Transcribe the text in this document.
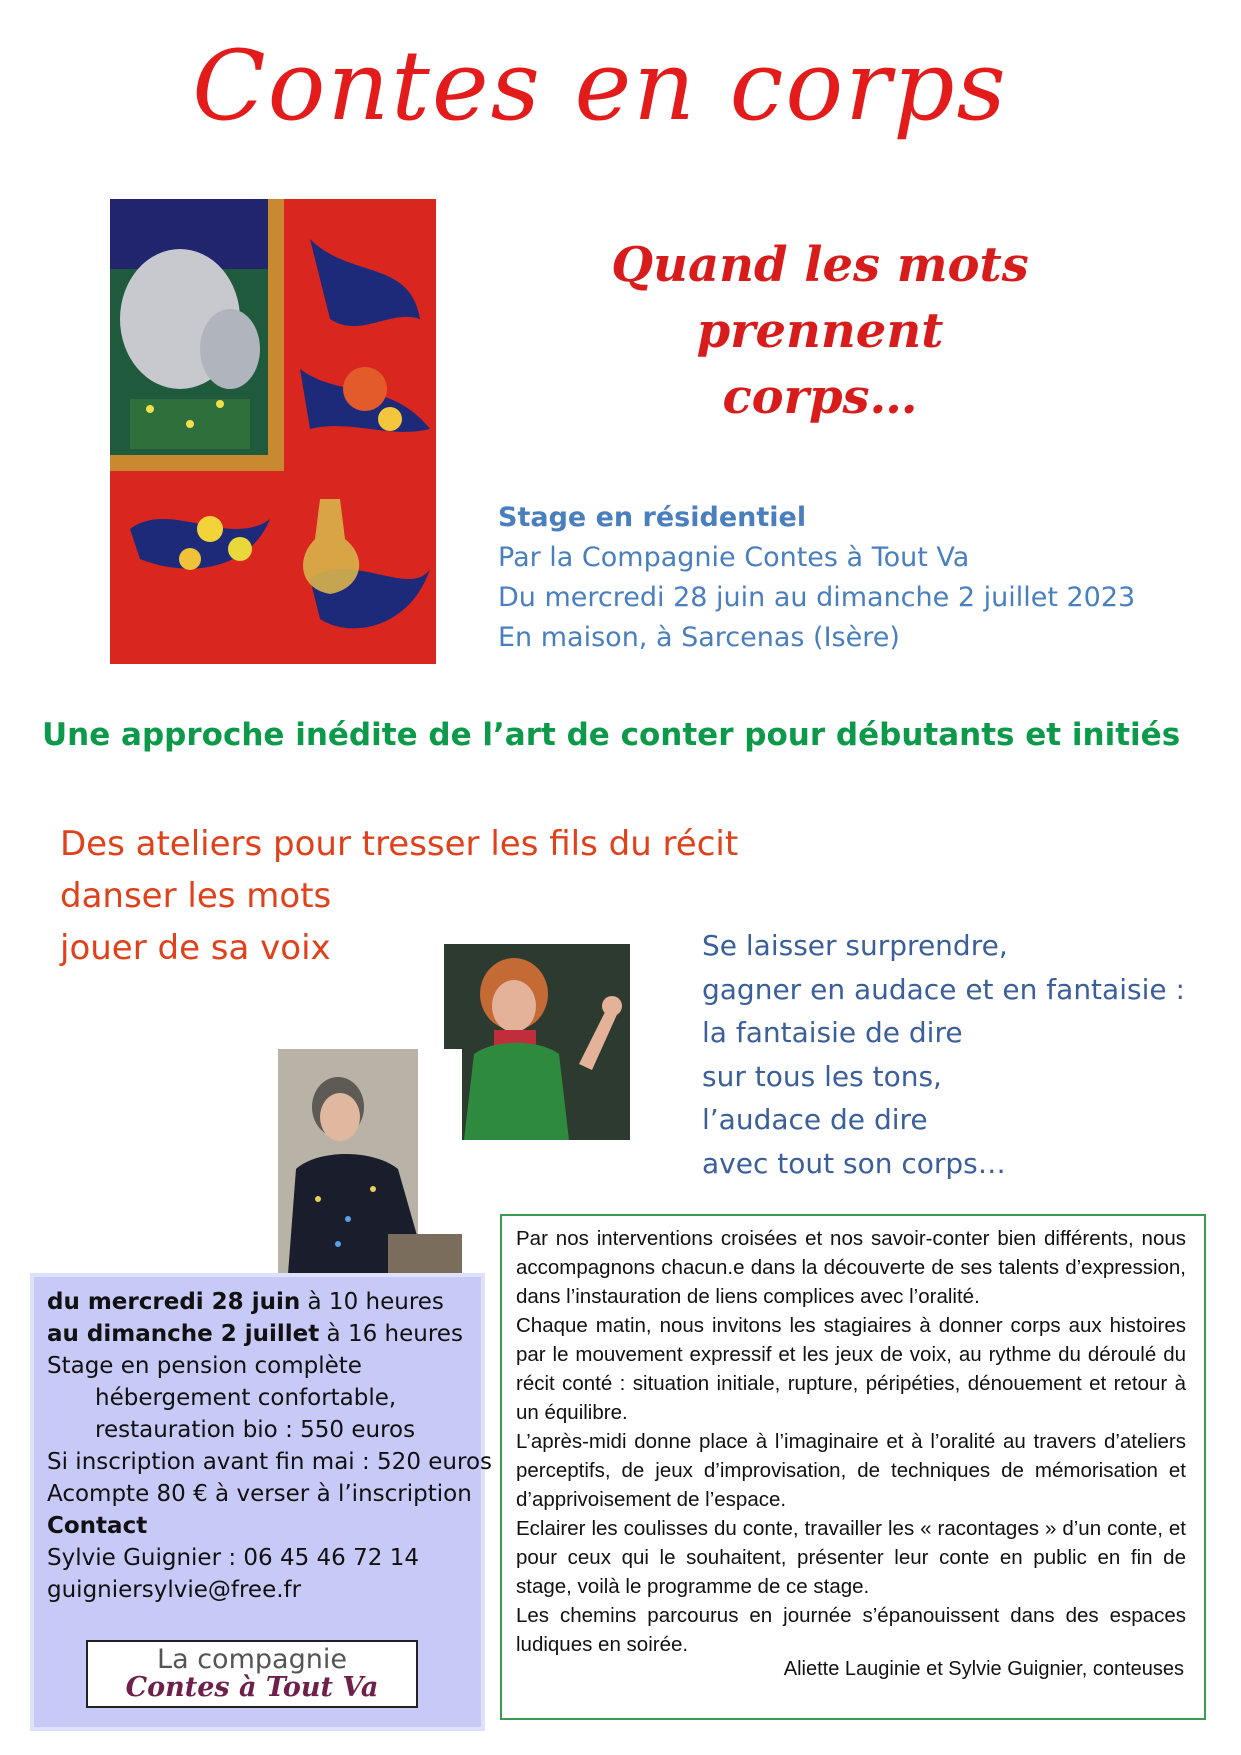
Contes en corps
Quand les mots
prennent
corps…
Stage en résidentiel
Par la Compagnie Contes à Tout Va
Du mercredi 28 juin au dimanche 2 juillet 2023
En maison, à Sarcenas (Isère)
Une approche inédite de l’art de conter pour débutants et initiés
Des ateliers pour tresser les fils du récit
danser les mots
jouer de sa voix	Se laisser surprendre,
gagner en audace et en fantaisie :
la fantaisie de dire
sur tous les tons,
l’audace de dire
avec tout son corps…
du mercredi 28 juin à 10 heures
au dimanche 2 juillet à 16 heures
Stage en pension complète
hébergement confortable,
restauration bio : 550 euros
Si inscription avant fin mai : 520 euros
Acompte 80 € à verser à l’inscription
Contact
Sylvie Guignier : 06 45 46 72 14
guigniersylvie@free.fr
La compagnie
Contes à Tout Va

Par nos interventions croisées et nos savoir-conter bien différents, nous accompagnons chacun.e dans la découverte de ses talents d’expression, dans l’instauration de liens complices avec l’oralité.

Chaque matin, nous invitons les stagiaires à donner corps aux histoires par le mouvement expressif et les jeux de voix, au rythme du déroulé du récit conté : situation initiale, rupture, péripéties, dénouement et retour à un équilibre.

L’après-midi donne place à l’imaginaire et à l’oralité au travers d’ateliers perceptifs, de jeux d’improvisation, de techniques de mémorisation et d’apprivoisement de l’espace.

Eclairer les coulisses du conte, travailler les « racontages » d’un conte, et pour ceux qui le souhaitent, présenter leur conte en public en fin de stage, voilà le programme de ce stage.

Les chemins parcourus en journée s’épanouissent dans des espaces ludiques en soirée.

Aliette Lauginie et Sylvie Guignier, conteuses
